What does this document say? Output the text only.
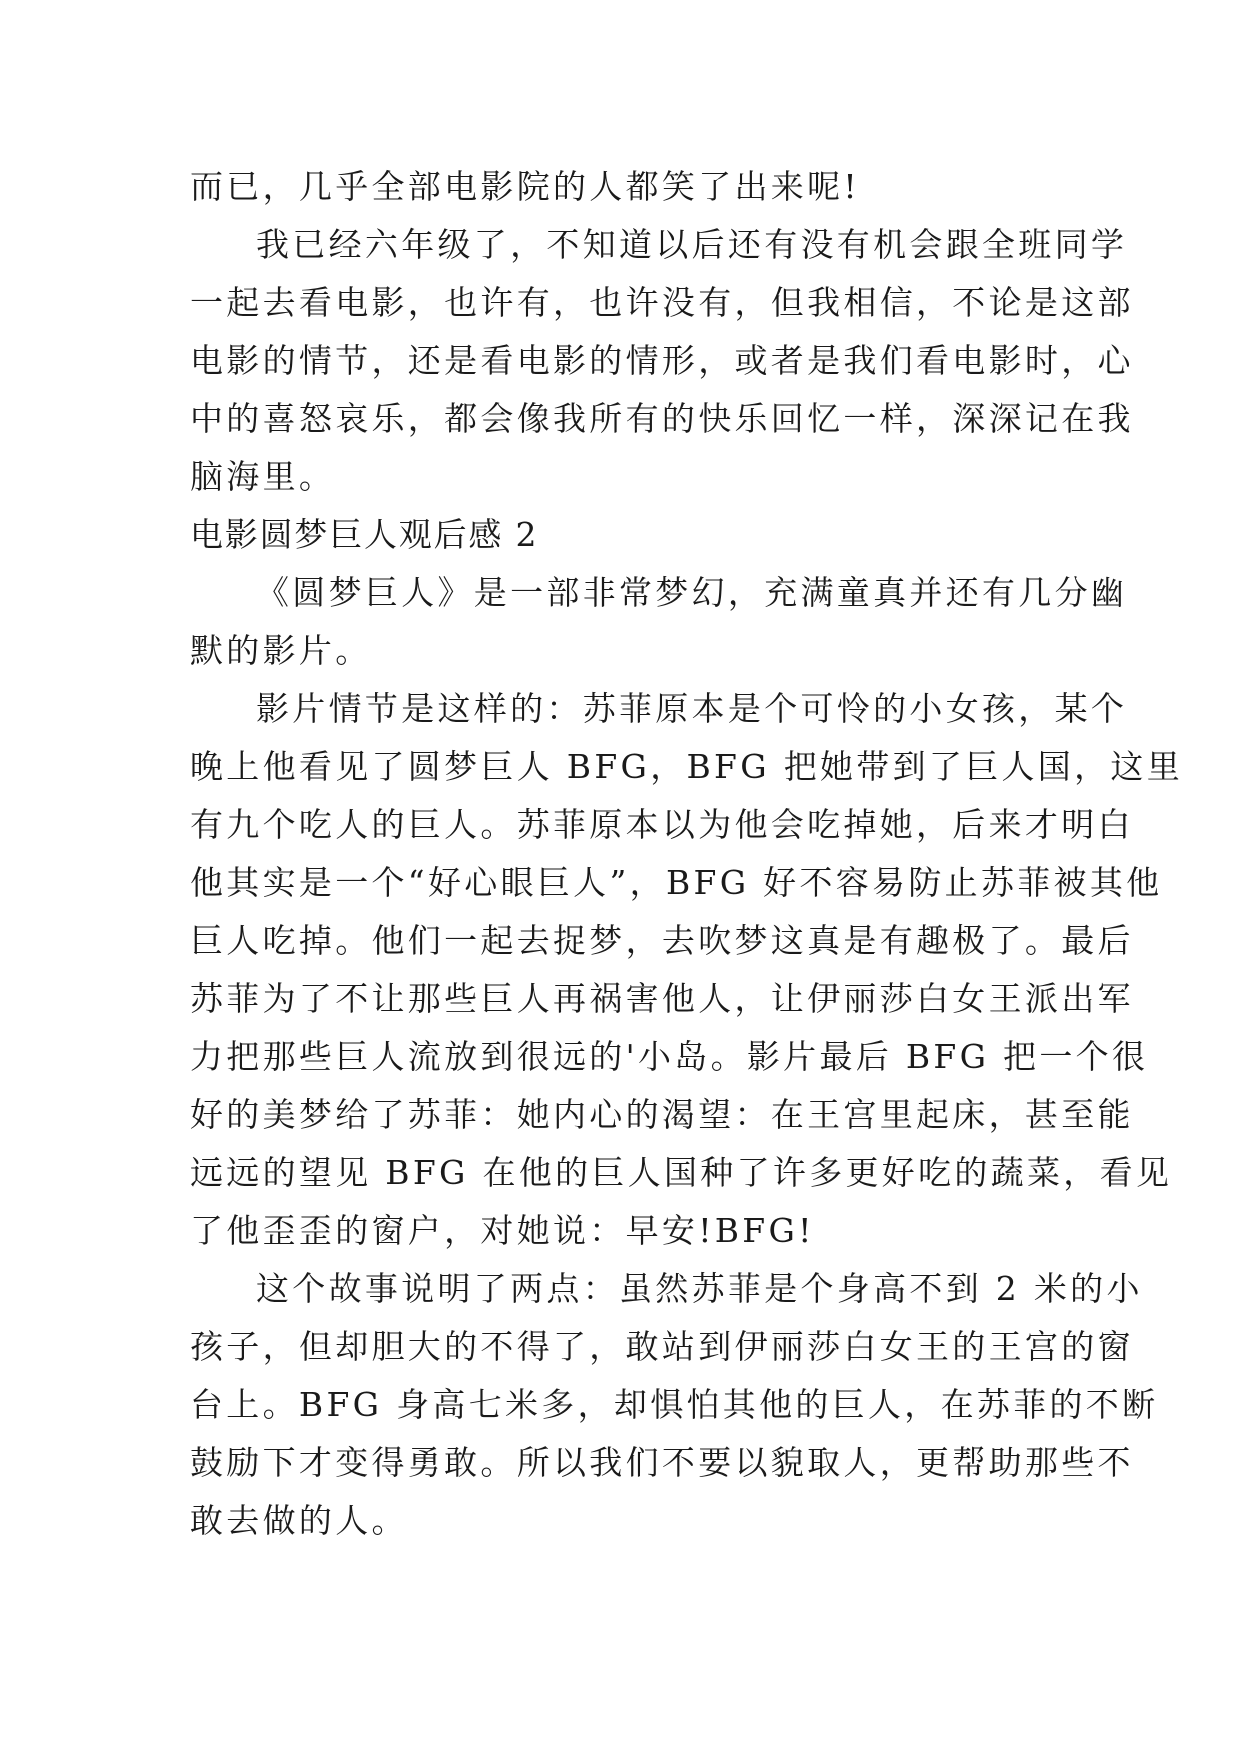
而已，几乎全部电影院的人都笑了出来呢!
我已经六年级了，不知道以后还有没有机会跟全班同学
一起去看电影，也许有，也许没有，但我相信，不论是这部
电影的情节，还是看电影的情形，或者是我们看电影时，心
中的喜怒哀乐，都会像我所有的快乐回忆一样，深深记在我
脑海里。
电影圆梦巨人观后感 2
《圆梦巨人》是一部非常梦幻，充满童真并还有几分幽
默的影片。
影片情节是这样的：苏菲原本是个可怜的小女孩，某个
晚上他看见了圆梦巨人 BFG，BFG 把她带到了巨人国，这里
有九个吃人的巨人。苏菲原本以为他会吃掉她，后来才明白
他其实是一个“好心眼巨人”，BFG 好不容易防止苏菲被其他
巨人吃掉。他们一起去捉梦，去吹梦这真是有趣极了。最后
苏菲为了不让那些巨人再祸害他人，让伊丽莎白女王派出军
力把那些巨人流放到很远的'小岛。影片最后 BFG 把一个很
好的美梦给了苏菲：她内心的渴望：在王宫里起床，甚至能
远远的望见 BFG 在他的巨人国种了许多更好吃的蔬菜，看见
了他歪歪的窗户，对她说：早安!BFG!
这个故事说明了两点：虽然苏菲是个身高不到 2 米的小
孩子，但却胆大的不得了，敢站到伊丽莎白女王的王宫的窗
台上。BFG 身高七米多，却惧怕其他的巨人，在苏菲的不断
鼓励下才变得勇敢。所以我们不要以貌取人，更帮助那些不
敢去做的人。
